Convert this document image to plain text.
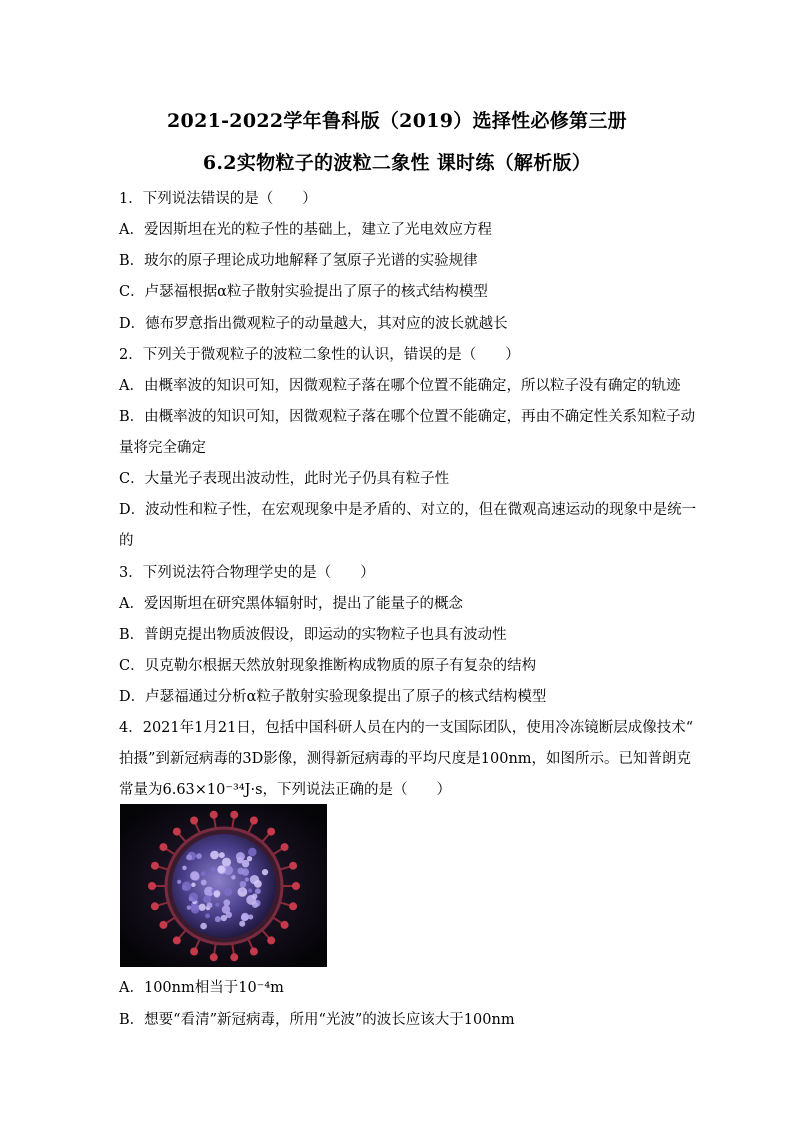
2021-2022学年鲁科版（2019）选择性必修第三册
6.2实物粒子的波粒二象性 课时练（解析版）
1．下列说法错误的是（　　）
A．爱因斯坦在光的粒子性的基础上，建立了光电效应方程
B．玻尔的原子理论成功地解释了氢原子光谱的实验规律
C．卢瑟福根据α粒子散射实验提出了原子的核式结构模型
D．德布罗意指出微观粒子的动量越大，其对应的波长就越长
2．下列关于微观粒子的波粒二象性的认识，错误的是（　　）
A．由概率波的知识可知，因微观粒子落在哪个位置不能确定，所以粒子没有确定的轨迹
B．由概率波的知识可知，因微观粒子落在哪个位置不能确定，再由不确定性关系知粒子动
量将完全确定
C．大量光子表现出波动性，此时光子仍具有粒子性
D．波动性和粒子性，在宏观现象中是矛盾的、对立的，但在微观高速运动的现象中是统一
的
3．下列说法符合物理学史的是（　　）
A．爱因斯坦在研究黑体辐射时，提出了能量子的概念
B．普朗克提出物质波假设，即运动的实物粒子也具有波动性
C．贝克勒尔根据天然放射现象推断构成物质的原子有复杂的结构
D．卢瑟福通过分析α粒子散射实验现象提出了原子的核式结构模型
4．2021年1月21日，包括中国科研人员在内的一支国际团队，使用冷冻镜断层成像技术“
拍摄”到新冠病毒的3D影像，测得新冠病毒的平均尺度是100nm，如图所示。已知普朗克
常量为6.63×10⁻³⁴J·s，下列说法正确的是（　　）
A．100nm相当于10⁻⁴m
B．想要“看清”新冠病毒，所用“光波”的波长应该大于100nm
